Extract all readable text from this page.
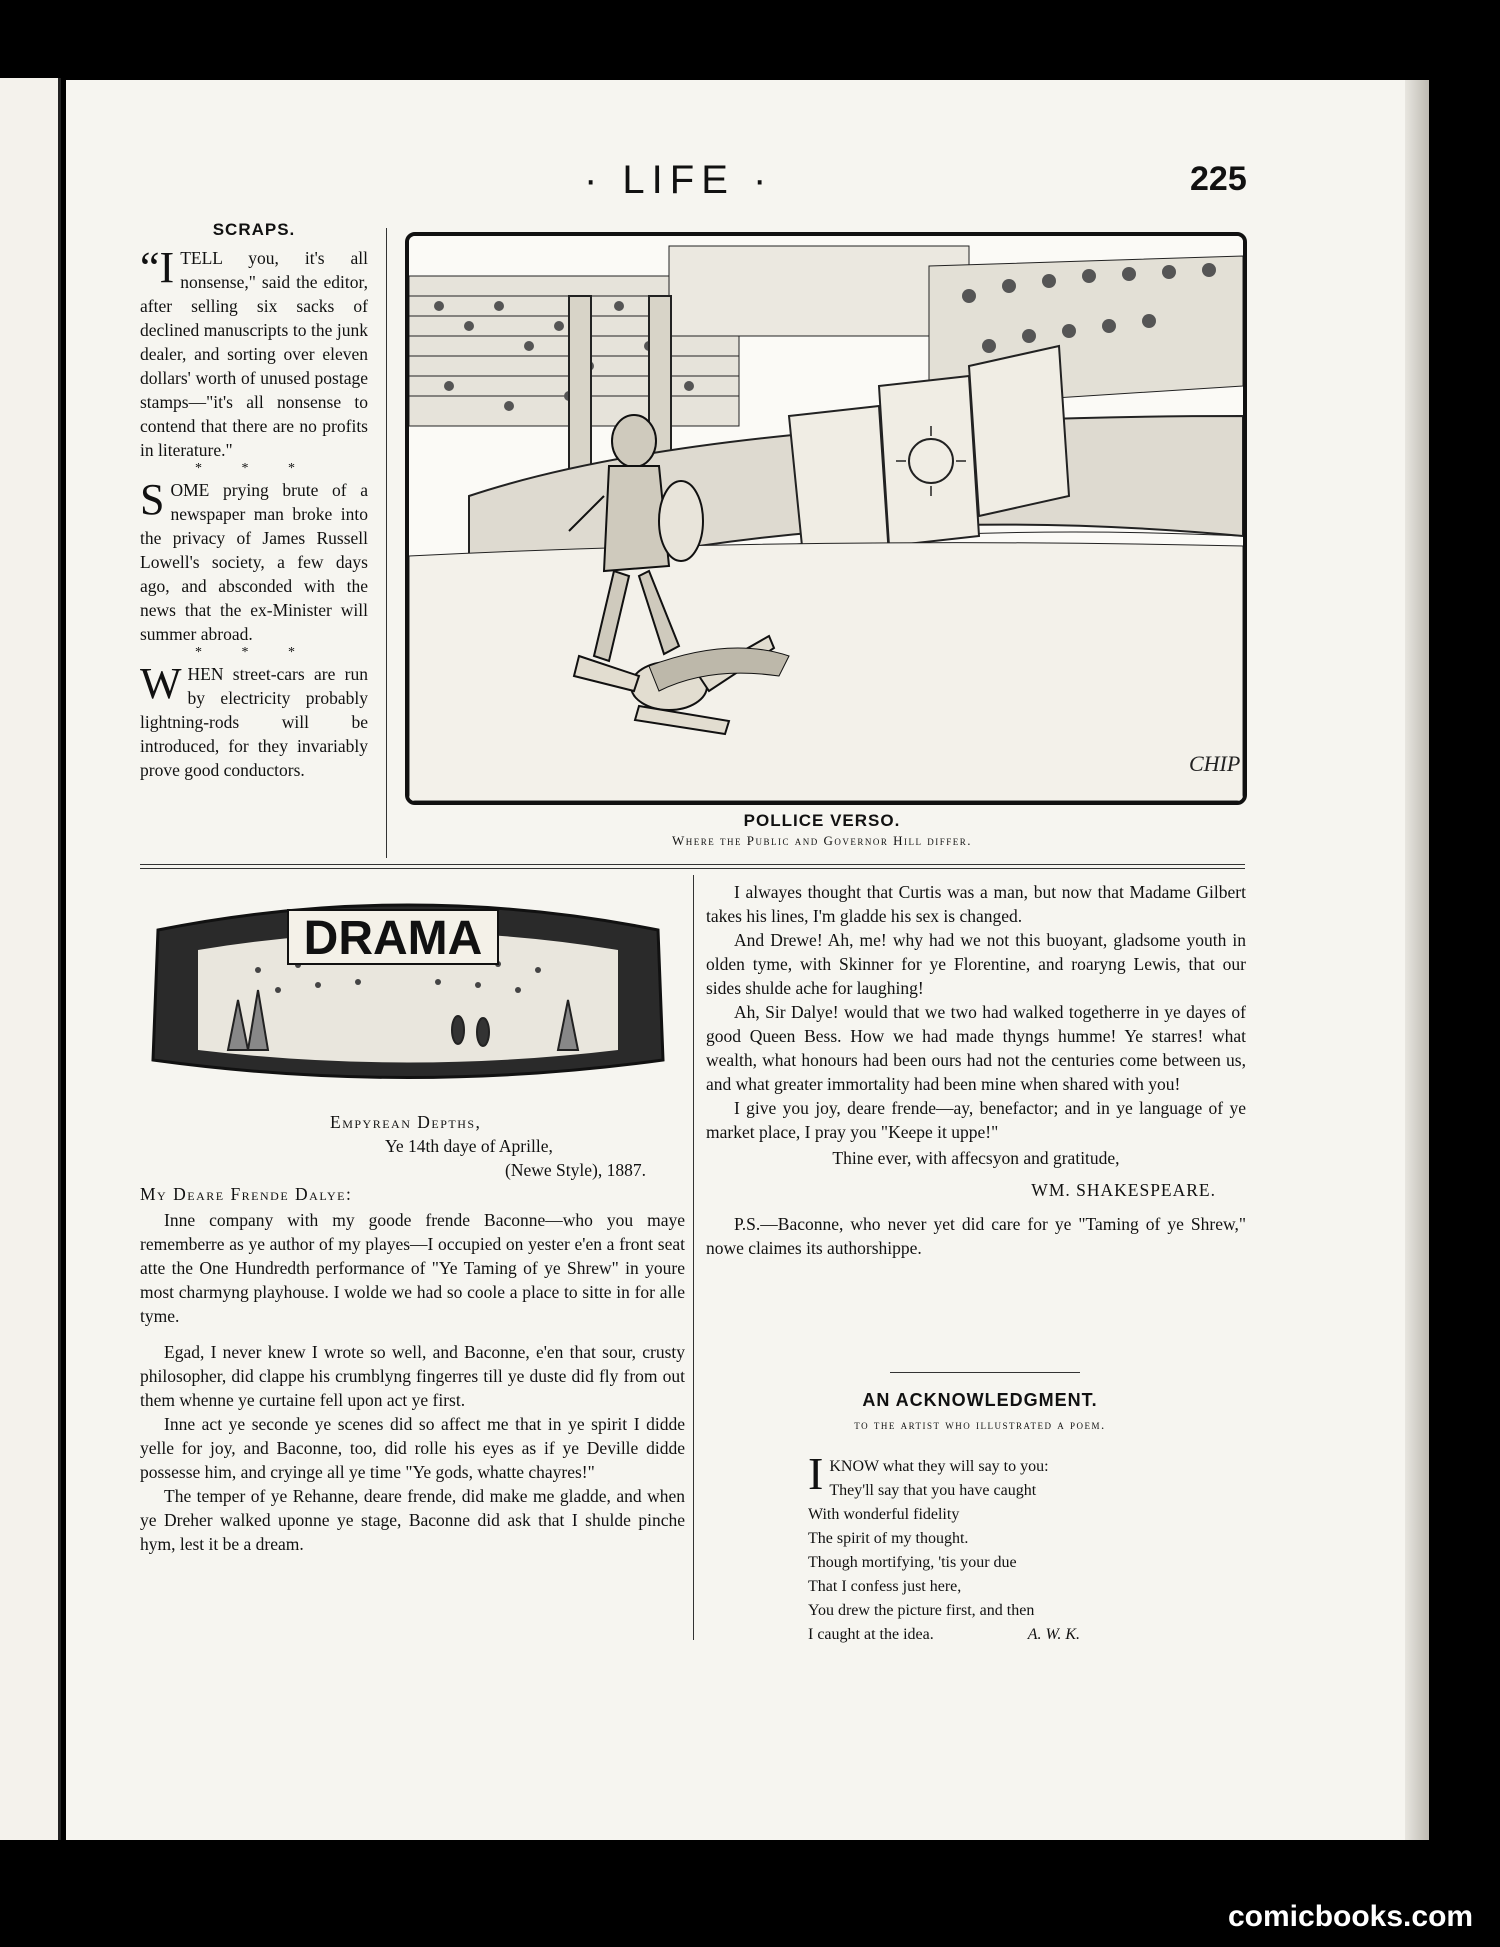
· LIFE ·	225
SCRAPS.

“I TELL you, it's all nonsense," said the editor, after selling six sacks of declined manuscripts to the junk dealer, and sorting over eleven dollars' worth of unused postage stamps—"it's all nonsense to contend that there are no profits in literature."

* * *

S OME prying brute of a newspaper man broke into the privacy of James Russell Lowell's society, a few days ago, and absconded with the news that the ex-Minister will summer abroad.

* * *

W HEN street-cars are run by electricity probably lightning-rods will be introduced, for they invariably prove good conductors.	CHIP
POLLICE VERSO.
Where the Public and Governor Hill differ.
DRAMA
Empyrean Depths,
Ye 14th daye of Aprille,
(Newe Style), 1887.
My Deare Frende Dalye:

Inne company with my goode frende Baconne—who you maye rememberre as ye author of my playes—I occupied on yester e'en a front seat atte the One Hundredth performance of "Ye Taming of ye Shrew" in youre most charmyng playhouse. I wolde we had so coole a place to sitte in for alle tyme.

Egad, I never knew I wrote so well, and Baconne, e'en that sour, crusty philosopher, did clappe his crumblyng fingerres till ye duste did fly from out them whenne ye curtaine fell upon act ye first.

Inne act ye seconde ye scenes did so affect me that in ye spirit I didde yelle for joy, and Baconne, too, did rolle his eyes as if ye Deville didde possesse him, and cryinge all ye time "Ye gods, whatte chayres!"

The temper of ye Rehanne, deare frende, did make me gladde, and when ye Dreher walked uponne ye stage, Baconne did ask that I shulde pinche hym, lest it be a dream.

I alwayes thought that Curtis was a man, but now that Madame Gilbert takes his lines, I'm gladde his sex is changed.

And Drewe! Ah, me! why had we not this buoyant, gladsome youth in olden tyme, with Skinner for ye Florentine, and roaryng Lewis, that our sides shulde ache for laughing!

Ah, Sir Dalye! would that we two had walked togetherre in ye dayes of good Queen Bess. How we had made thyngs humme! Ye starres! what wealth, what honours had been ours had not the centuries come between us, and what greater immortality had been mine when shared with you!

I give you joy, deare frende—ay, benefactor; and in ye language of ye market place, I pray you "Keepe it uppe!"

Thine ever, with affecsyon and gratitude,

WM. SHAKESPEARE.

P.S.—Baconne, who never yet did care for ye "Taming of ye Shrew," nowe claimes its authorshippe.

AN ACKNOWLEDGMENT.
to the artist who illustrated a poem.
I KNOW what they will say to you:
They'll say that you have caught
With wonderful fidelity
The spirit of my thought.
Though mortifying, 'tis your due
That I confess just here,
You drew the picture first, and then
I caught at the idea.	A. W. K.
comicbooks.com
